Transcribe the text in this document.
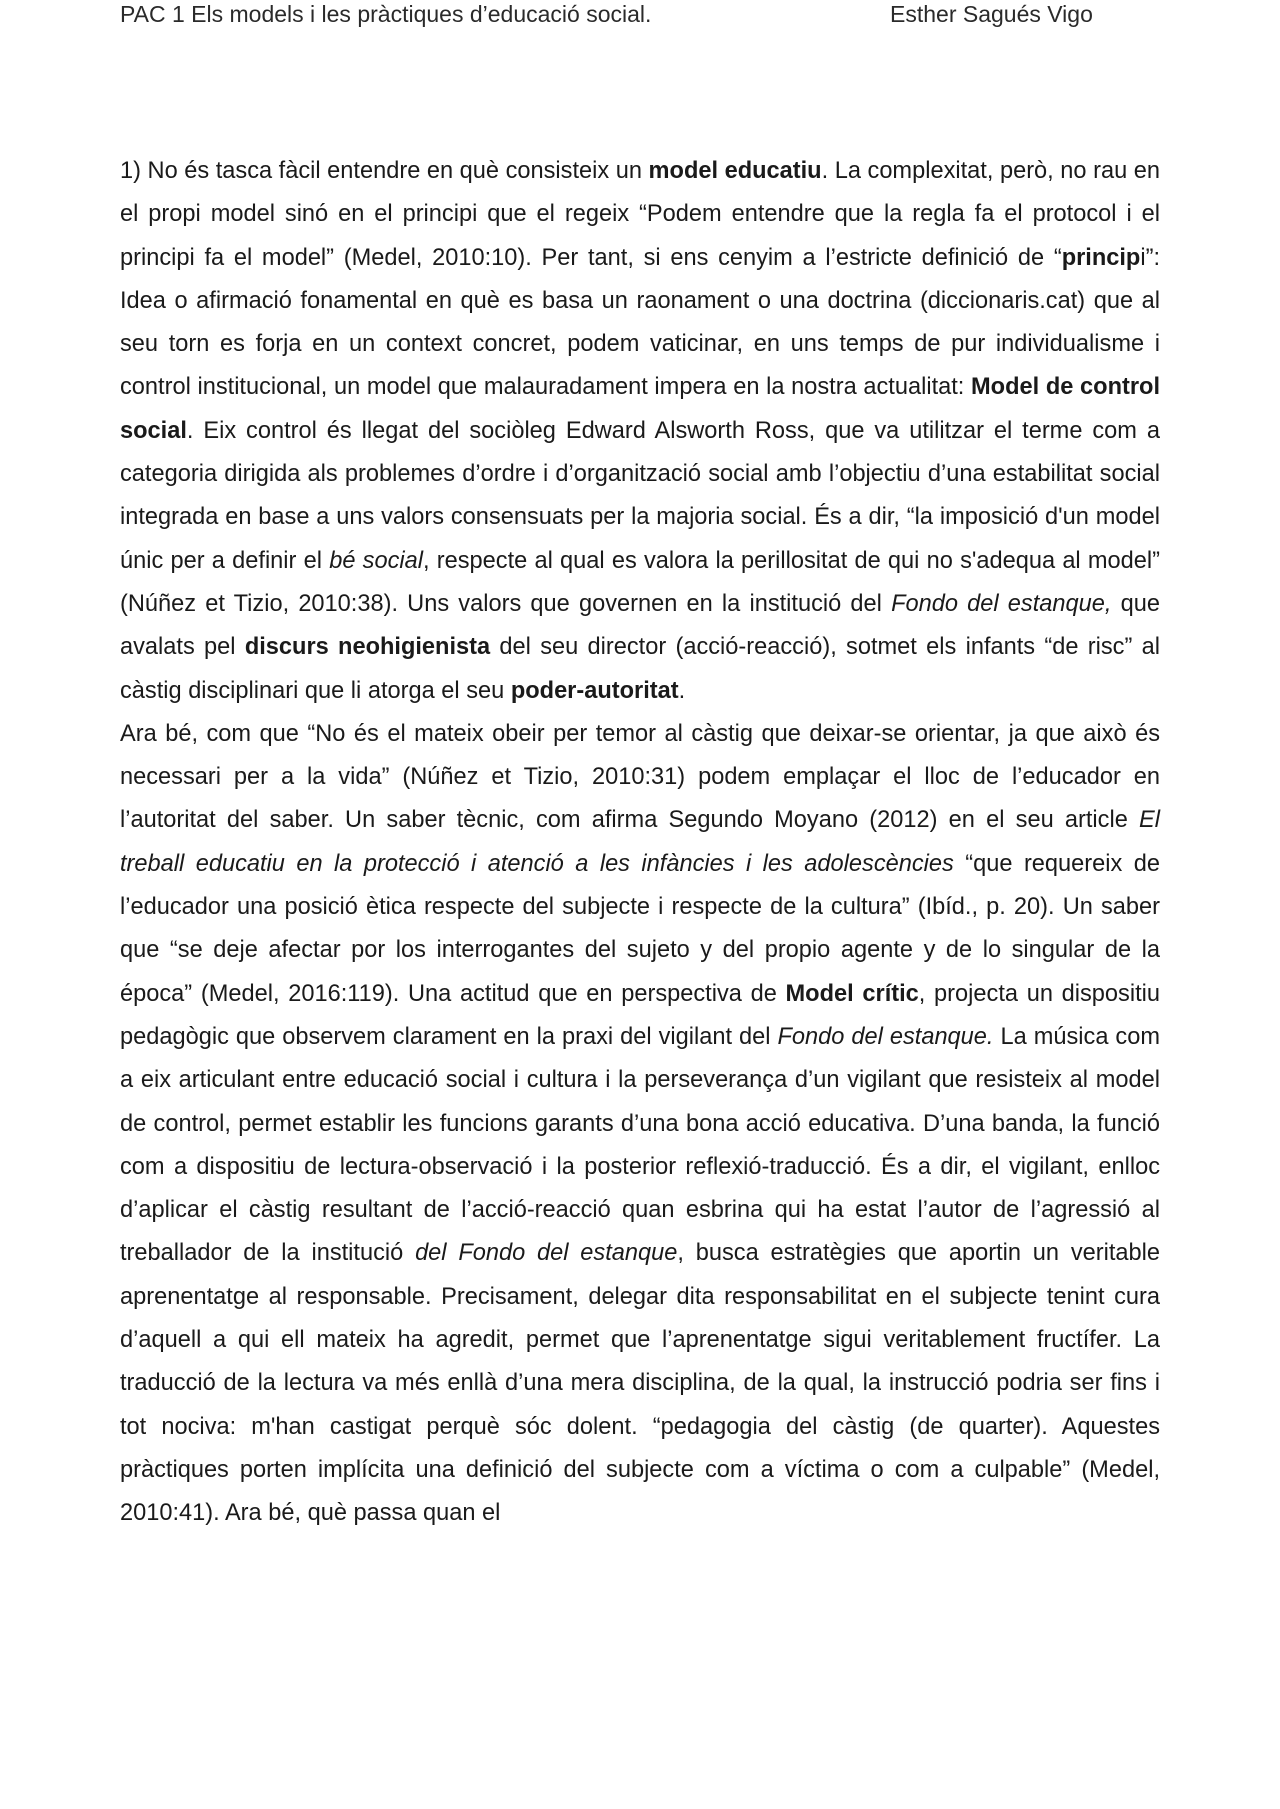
PAC 1 Els models i les pràctiques d’educació social.	Esther Sagués Vigo

1) No és tasca fàcil entendre en què consisteix un model educatiu. La complexitat, però, no rau en el propi model sinó en el principi que el regeix “Podem entendre que la regla fa el protocol i el principi fa el model” (Medel, 2010:10). Per tant, si ens cenyim a l’estricte definició de “principi”: Idea o afirmació fonamental en què es basa un raonament o una doctrina (diccionaris.cat) que al seu torn es forja en un context concret, podem vaticinar, en uns temps de pur individualisme i control institucional, un model que malauradament impera en la nostra actualitat: Model de control social. Eix control és llegat del sociòleg Edward Alsworth Ross, que va utilitzar el terme com a categoria dirigida als problemes d’ordre i d’organització social amb l’objectiu d’una estabilitat social integrada en base a uns valors consensuats per la majoria social. És a dir, “la imposició d'un model únic per a definir el bé social, respecte al qual es valora la perillositat de qui no s'adequa al model” (Núñez et Tizio, 2010:38). Uns valors que governen en la institució del Fondo del estanque, que avalats pel discurs neohigienista del seu director (acció-reacció), sotmet els infants “de risc” al càstig disciplinari que li atorga el seu poder-autoritat.

Ara bé, com que “No és el mateix obeir per temor al càstig que deixar-se orientar, ja que això és necessari per a la vida” (Núñez et Tizio, 2010:31) podem emplaçar el lloc de l’educador en l’autoritat del saber. Un saber tècnic, com afirma Segundo Moyano (2012) en el seu article El treball educatiu en la protecció i atenció a les infàncies i les adolescències “que requereix de l’educador una posició ètica respecte del subjecte i respecte de la cultura” (Ibíd., p. 20). Un saber que “se deje afectar por los interrogantes del sujeto y del propio agente y de lo singular de la época” (Medel, 2016:119). Una actitud que en perspectiva de Model crític, projecta un dispositiu pedagògic que observem clarament en la praxi del vigilant del Fondo del estanque. La música com a eix articulant entre educació social i cultura i la perseverança d’un vigilant que resisteix al model de control, permet establir les funcions garants d’una bona acció educativa. D’una banda, la funció com a dispositiu de lectura-observació i la posterior reflexió-traducció. És a dir, el vigilant, enlloc d’aplicar el càstig resultant de l’acció-reacció quan esbrina qui ha estat l’autor de l’agressió al treballador de la institució del Fondo del estanque, busca estratègies que aportin un veritable aprenentatge al responsable. Precisament, delegar dita responsabilitat en el subjecte tenint cura d’aquell a qui ell mateix ha agredit, permet que l’aprenentatge sigui veritablement fructífer. La traducció de la lectura va més enllà d’una mera disciplina, de la qual, la instrucció podria ser fins i tot nociva: m'han castigat perquè sóc dolent. “pedagogia del càstig (de quarter). Aquestes pràctiques porten implícita una definició del subjecte com a víctima o com a culpable” (Medel, 2010:41). Ara bé, què passa quan el
